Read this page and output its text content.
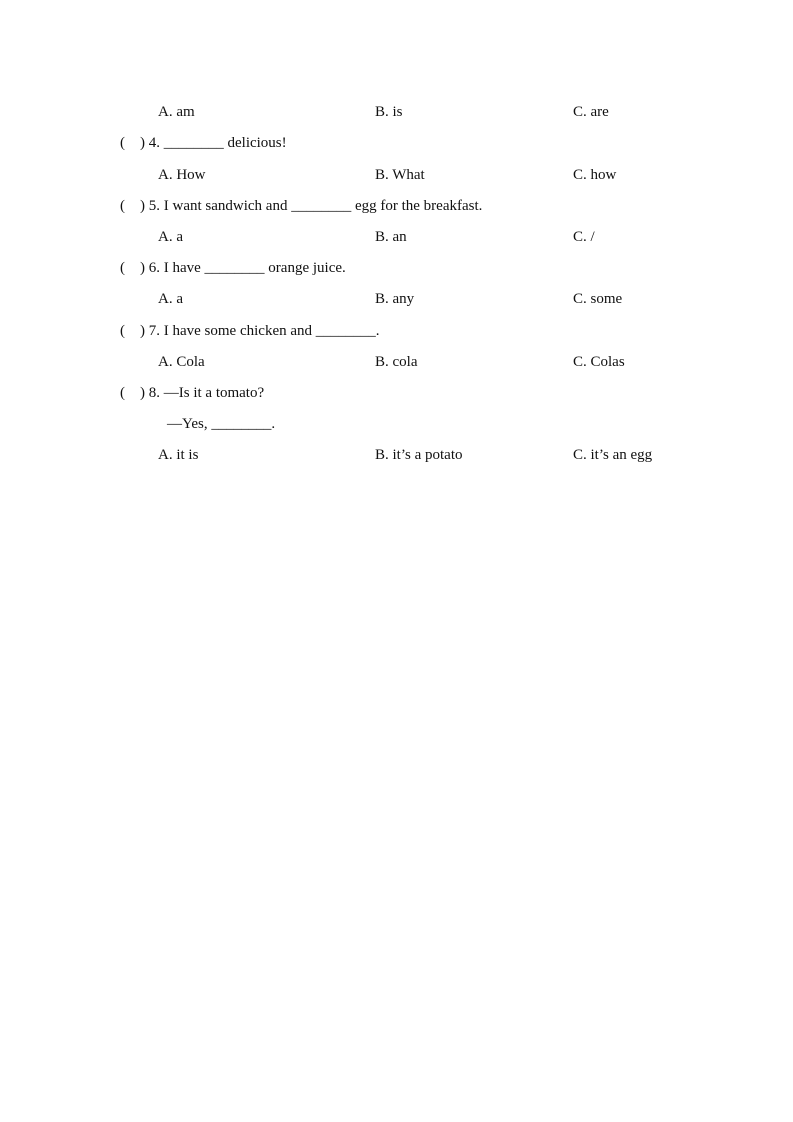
A. am	B. is	C. are
(    ) 4. ________ delicious!
A. How	B. What	C. how
(    ) 5. I want sandwich and ________ egg for the breakfast.
A. a	B. an	C. /
(    ) 6. I have ________ orange juice.
A. a	B. any	C. some
(    ) 7. I have some chicken and ________.
A. Cola	B. cola	C. Colas
(    ) 8. —Is it a tomato?
—Yes, ________.
A. it is	B. it’s a potato	C. it’s an egg
